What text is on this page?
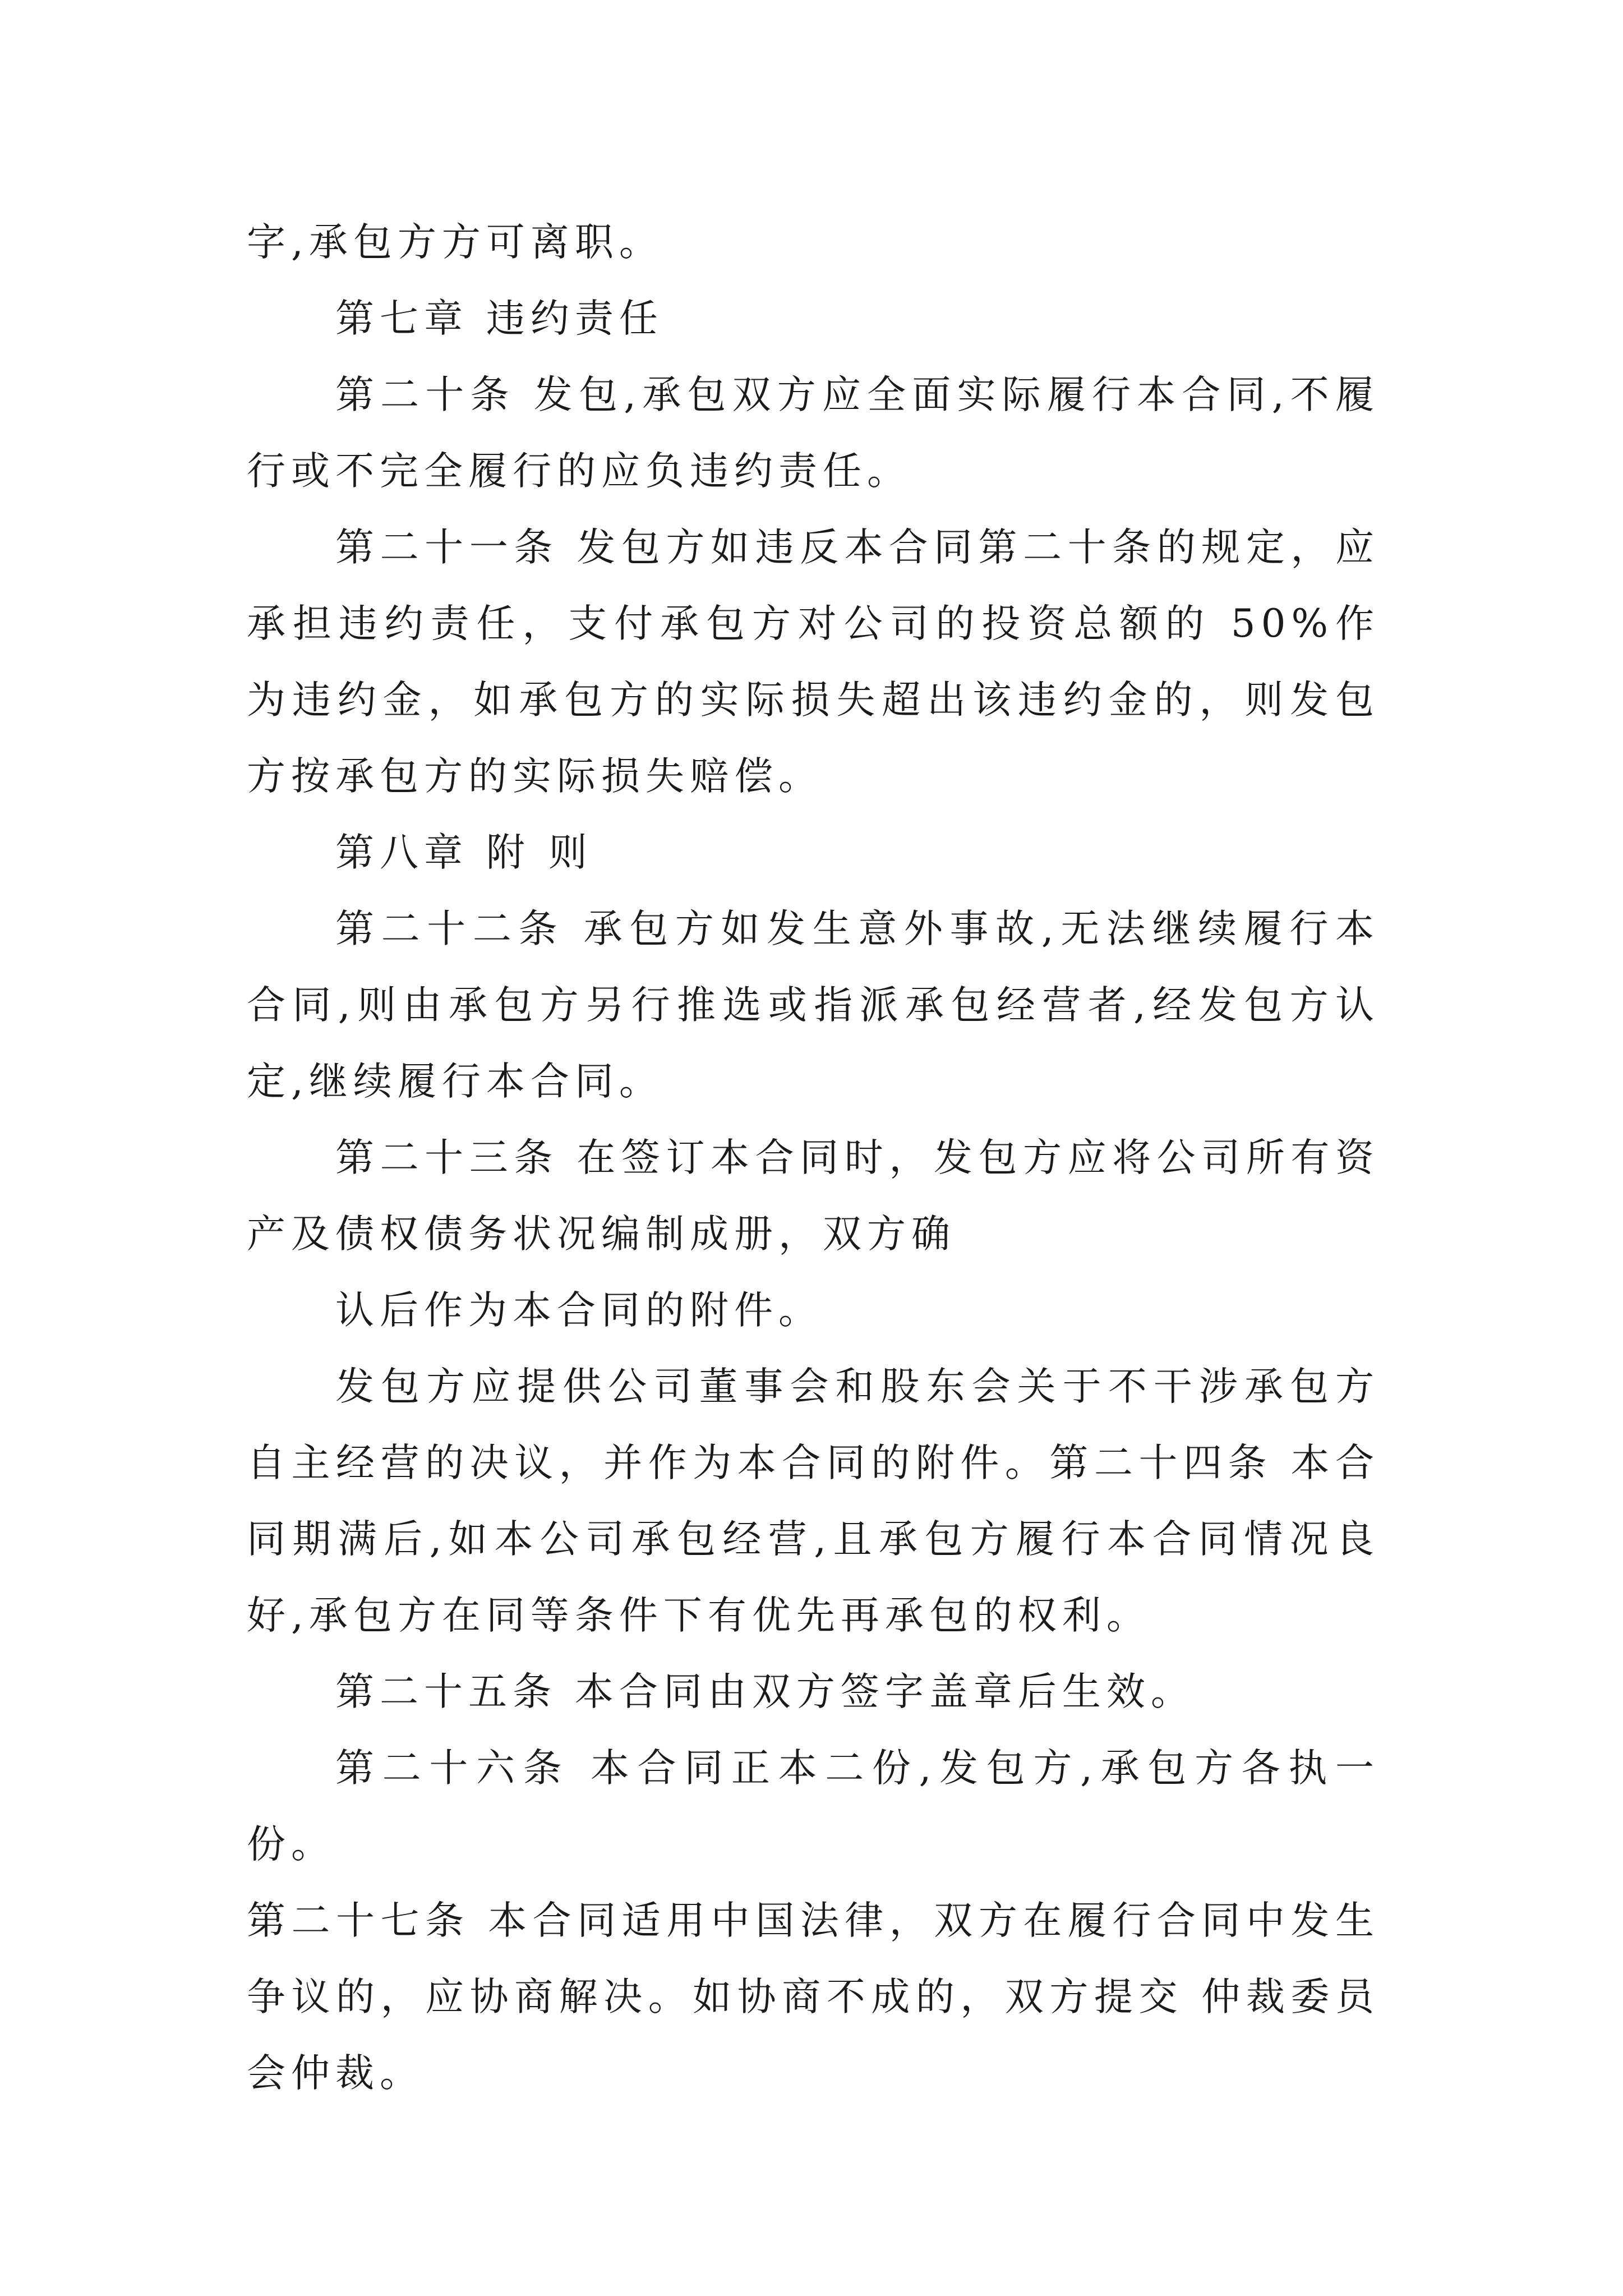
字,承包方方可离职。

第七章 违约责任

第二十条 发包,承包双方应全面实际履行本合同,不履行或不完全履行的应负违约责任。

第二十一条 发包方如违反本合同第二十条的规定，应承担违约责任，支付承包方对公司的投资总额的 50%作为违约金，如承包方的实际损失超出该违约金的，则发包方按承包方的实际损失赔偿。

第八章 附 则

第二十二条 承包方如发生意外事故,无法继续履行本合同,则由承包方另行推选或指派承包经营者,经发包方认定,继续履行本合同。

第二十三条 在签订本合同时，发包方应将公司所有资产及债权债务状况编制成册，双方确

认后作为本合同的附件。

发包方应提供公司董事会和股东会关于不干涉承包方自主经营的决议，并作为本合同的附件。第二十四条 本合同期满后,如本公司承包经营,且承包方履行本合同情况良好,承包方在同等条件下有优先再承包的权利。

第二十五条 本合同由双方签字盖章后生效。

第二十六条 本合同正本二份,发包方,承包方各执一份。

第二十七条 本合同适用中国法律，双方在履行合同中发生争议的，应协商解决。如协商不成的，双方提交 仲裁委员会仲裁。
